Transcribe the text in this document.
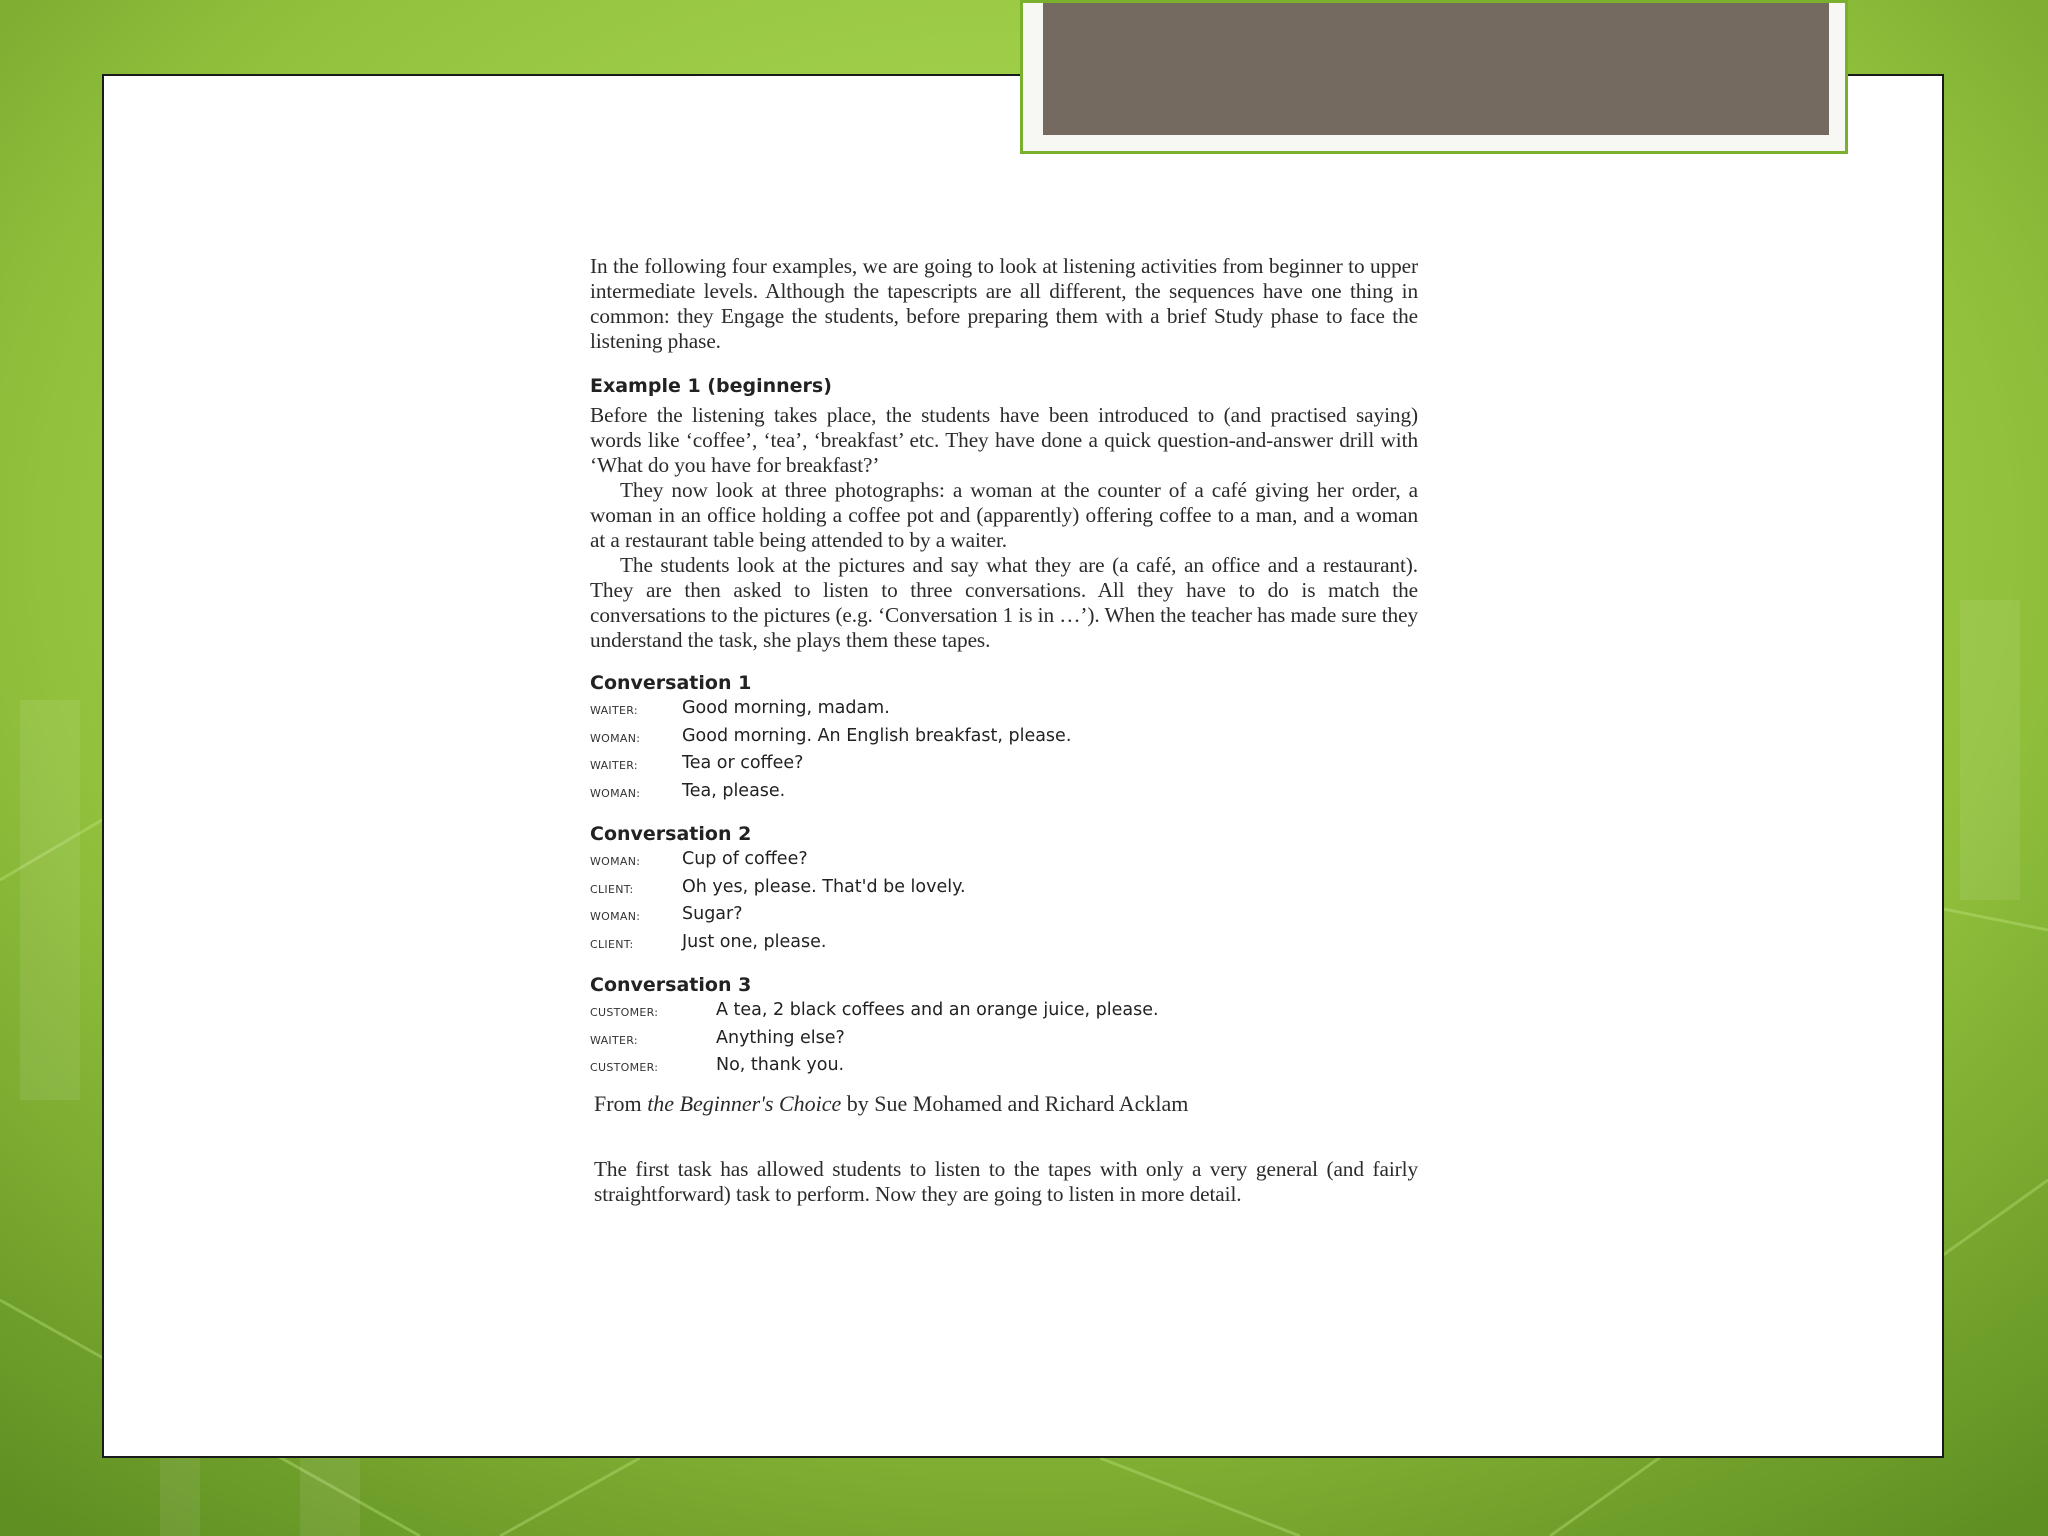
In the following four examples, we are going to look at listening activities from beginner to upper intermediate levels. Although the tapescripts are all different, the sequences have one thing in common: they Engage the students, before preparing them with a brief Study phase to face the listening phase.

Example 1 (beginners)

Before the listening takes place, the students have been introduced to (and practised saying) words like ‘coffee’, ‘tea’, ‘breakfast’ etc. They have done a quick question-and-answer drill with ‘What do you have for breakfast?’

They now look at three photographs: a woman at the counter of a café giving her order, a woman in an office holding a coffee pot and (apparently) offering coffee to a man, and a woman at a restaurant table being attended to by a waiter.

The students look at the pictures and say what they are (a café, an office and a restaurant). They are then asked to listen to three conversations. All they have to do is match the conversations to the pictures (e.g. ‘Conversation 1 is in …’). When the teacher has made sure they understand the task, she plays them these tapes.

Conversation 1

WAITER:	Good morning, madam.
WOMAN:	Good morning. An English breakfast, please.
WAITER:	Tea or coffee?
WOMAN:	Tea, please.

Conversation 2

WOMAN:	Cup of coffee?
CLIENT:	Oh yes, please. That'd be lovely.
WOMAN:	Sugar?
CLIENT:	Just one, please.

Conversation 3

CUSTOMER:	A tea, 2 black coffees and an orange juice, please.
WAITER:	Anything else?
CUSTOMER:	No, thank you.

From the Beginner's Choice by Sue Mohamed and Richard Acklam

The first task has allowed students to listen to the tapes with only a very general (and fairly straightforward) task to perform. Now they are going to listen in more detail.
